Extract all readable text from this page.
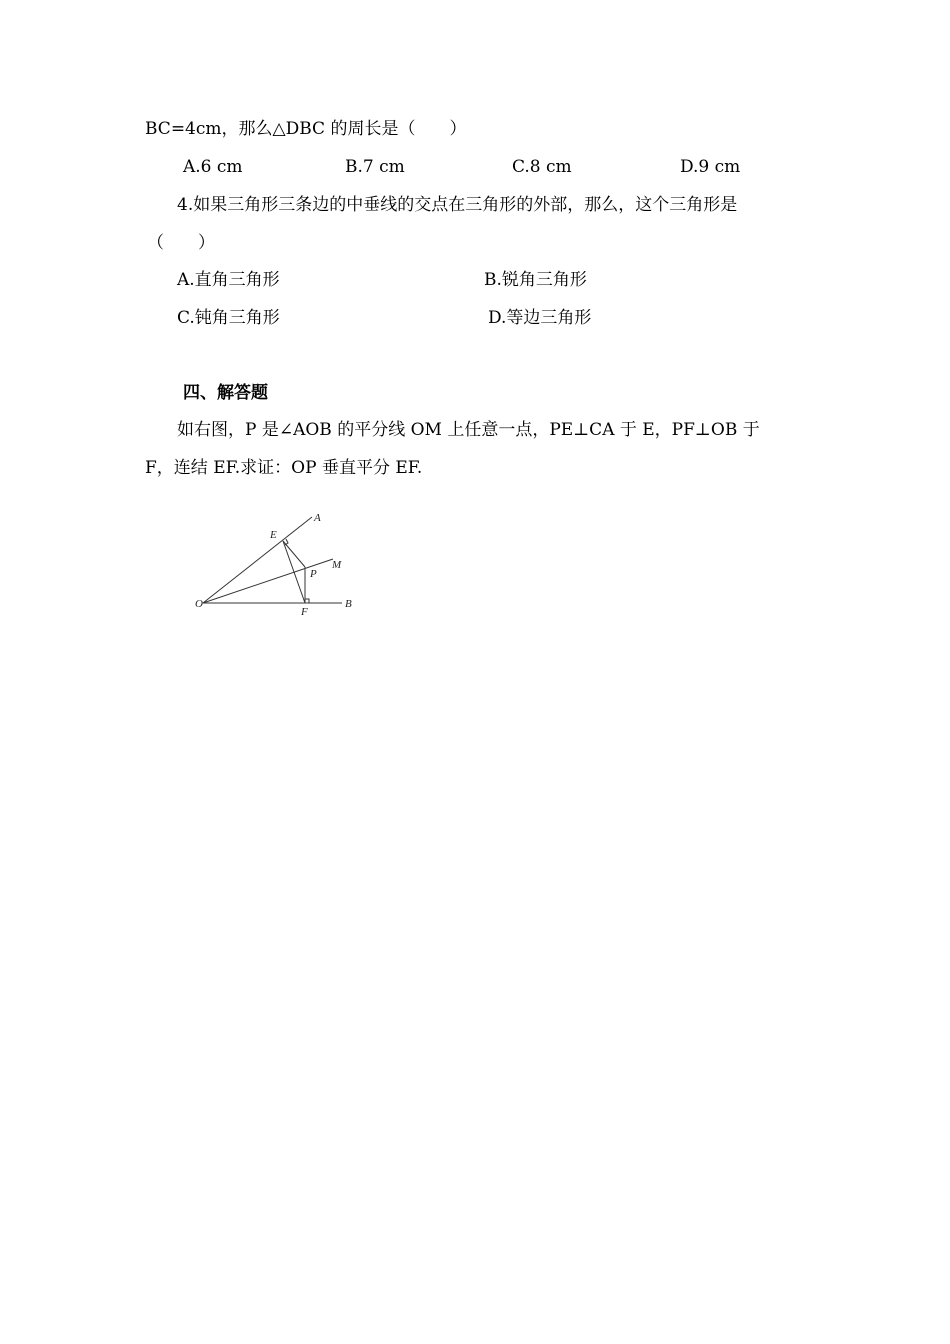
BC=4cm，那么△DBC 的周长是（　　）
A.6 cm	B.7 cm	C.8 cm	D.9 cm
4.如果三角形三条边的中垂线的交点在三角形的外部，那么，这个三角形是
（　　）
A.直角三角形	B.锐角三角形
C.钝角三角形	D.等边三角形
四、解答题
如右图，P 是∠AOB 的平分线 OM 上任意一点，PE⊥CA 于 E，PF⊥OB 于
F，连结 EF.求证：OP 垂直平分 EF.
O
A
B
M
E
P
F
